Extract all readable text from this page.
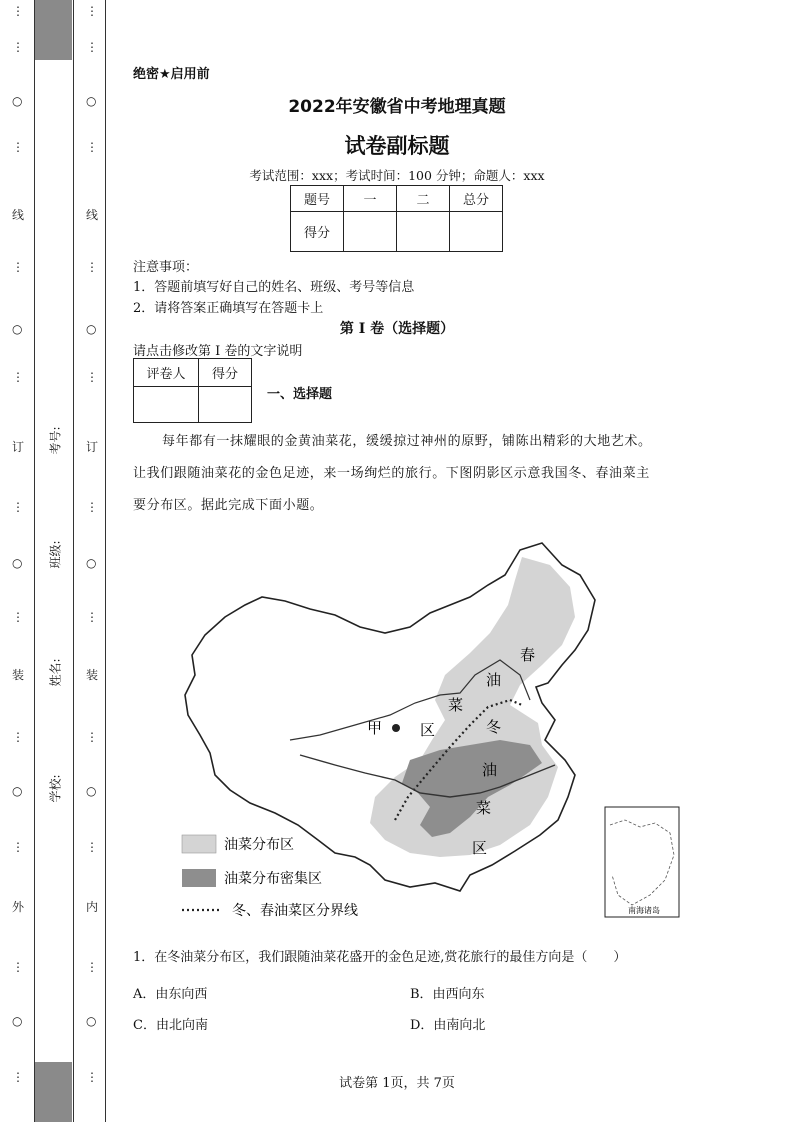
⋮
⋮
○
⋮
线
⋮
○
⋮
订
⋮
○
⋮
装
⋮
○
⋮
外
⋮
○
⋮
⋮
⋮
○
⋮
线
⋮
○
⋮
订
⋮
○
⋮
装
⋮
○
⋮
内
⋮
○
⋮
考号:
班级:
姓名:
学校:
绝密★启用前
2022年安徽省中考地理真题
试卷副标题
考试范围：xxx；考试时间：100 分钟；命题人：xxx
题号	一	二	总分
得分			
注意事项：
1．答题前填写好自己的姓名、班级、考号等信息
2．请将答案正确填写在答题卡上
第 I 卷（选择题）
请点击修改第 I 卷的文字说明
评卷人	得分

一、选择题
每年都有一抹耀眼的金黄油菜花，缓缓掠过神州的原野，铺陈出精彩的大地艺术。
让我们跟随油菜花的金色足迹，来一场绚烂的旅行。下图阴影区示意我国冬、春油菜主
要分布区。据此完成下面小题。
春
油
菜
区
甲	冬
油
菜
区
油菜分布区
油菜分布密集区
冬、春油菜区分界线	南海诸岛
1．在冬油菜分布区，我们跟随油菜花盛开的金色足迹,赏花旅行的最佳方向是（　　）
A．由东向西	B．由西向东
C．由北向南	D．由南向北
试卷第 1页，共 7页
